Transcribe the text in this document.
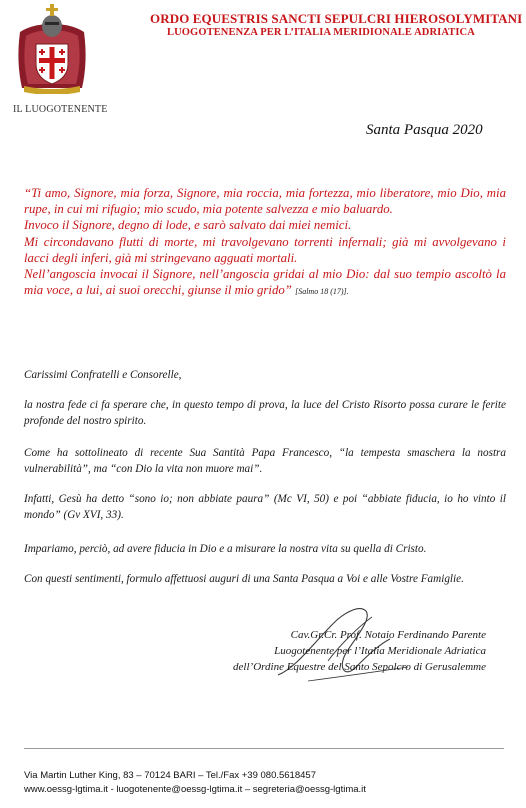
IL LUOGOTENENTE
ORDO EQUESTRIS SANCTI SEPULCRI HIEROSOLYMITANI
LUOGOTENENZA PER L’ITALIA MERIDIONALE ADRIATICA
Santa Pasqua 2020

“Ti amo, Signore, mia forza, Signore, mia roccia, mia fortezza, mio liberatore, mio Dio, mia rupe, in cui mi rifugio; mio scudo, mia potente salvezza e mio baluardo.

Invoco il Signore, degno di lode, e sarò salvato dai miei nemici.

Mi circondavano flutti di morte, mi travolgevano torrenti infernali; già mi avvolgevano i lacci degli inferi, già mi stringevano agguati mortali.

Nell’angoscia invocai il Signore, nell’angoscia gridai al mio Dio: dal suo tempio ascoltò la mia voce, a lui, ai suoi orecchi, giunse il mio grido” [Salmo 18 (17)].

Carissimi Confratelli e Consorelle,

la nostra fede ci fa sperare che, in questo tempo di prova, la luce del Cristo Risorto possa curare le ferite profonde del nostro spirito.

Come ha sottolineato di recente Sua Santità Papa Francesco, “la tempesta smaschera la nostra vulnerabilità”, ma “con Dio la vita non muore mai”.

Infatti, Gesù ha detto “sono io; non abbiate paura” (Mc VI, 50) e poi “abbiate fiducia, io ho vinto il mondo” (Gv XVI, 33).

Impariamo, perciò, ad avere fiducia in Dio e a misurare la nostra vita su quella di Cristo.

Con questi sentimenti, formulo affettuosi auguri di una Santa Pasqua a Voi e alle Vostre Famiglie.

Cav.Gr.Cr. Prof. Notaio Ferdinando Parente

Luogotenente per l’Italia Meridionale Adriatica

dell’Ordine Equestre del Santo Sepolcro di Gerusalemme

Via Martin Luther King, 83 – 70124 BARI – Tel./Fax +39 080.5618457
www.oessg-lgtima.it - luogotenente@oessg-lgtima.it – segreteria@oessg-lgtima.it
